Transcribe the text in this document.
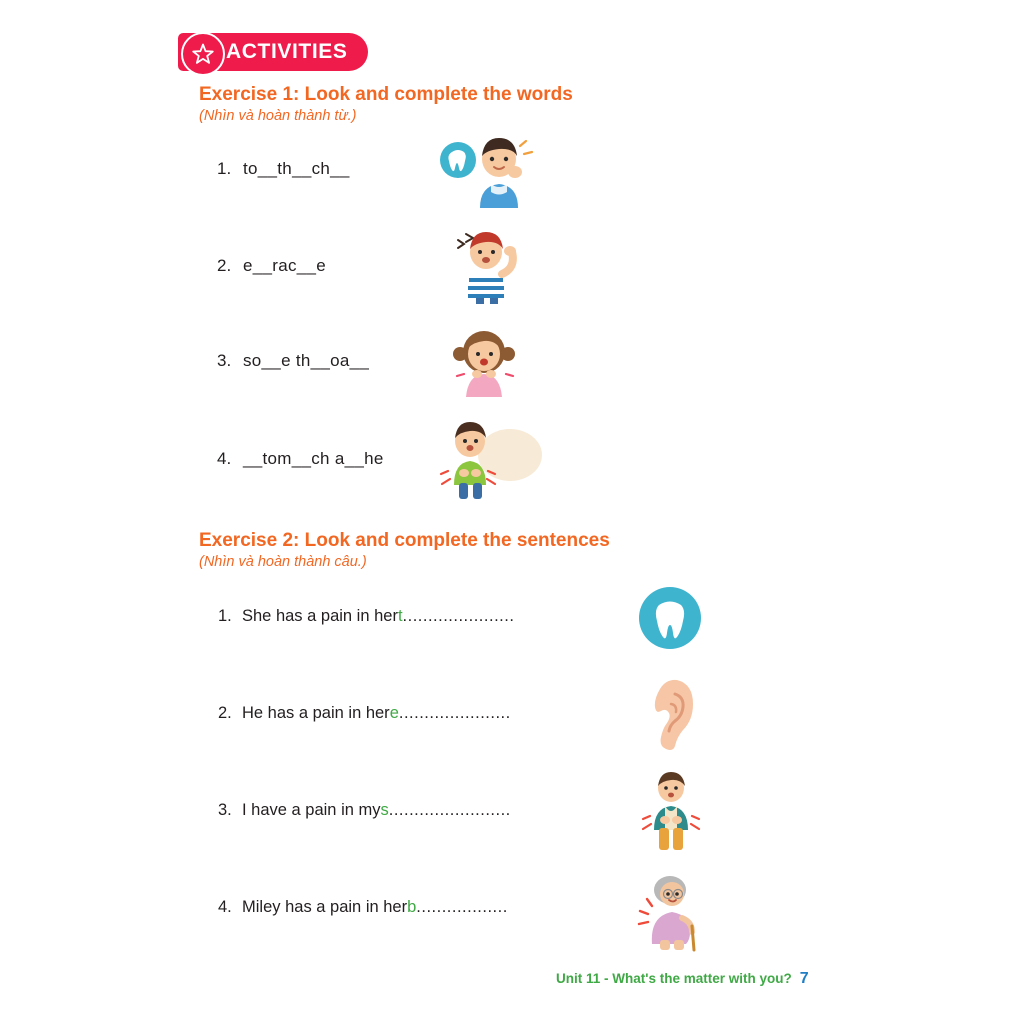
ACTIVITIES
Exercise 1: Look and complete the words
(Nhìn và hoàn thành từ.)
1. to__th__ch__
2. e__rac__e
3. so__e th__oa__
4. __tom__ch a__he
Exercise 2: Look and complete the sentences
(Nhìn và hoàn thành câu.)
1. She has a pain in her t ......................
2. He has a pain in her e ......................
3. I have a pain in my s ........................
4. Miley has a pain in her b ..................
Unit 11 - What's the matter with you? 7
